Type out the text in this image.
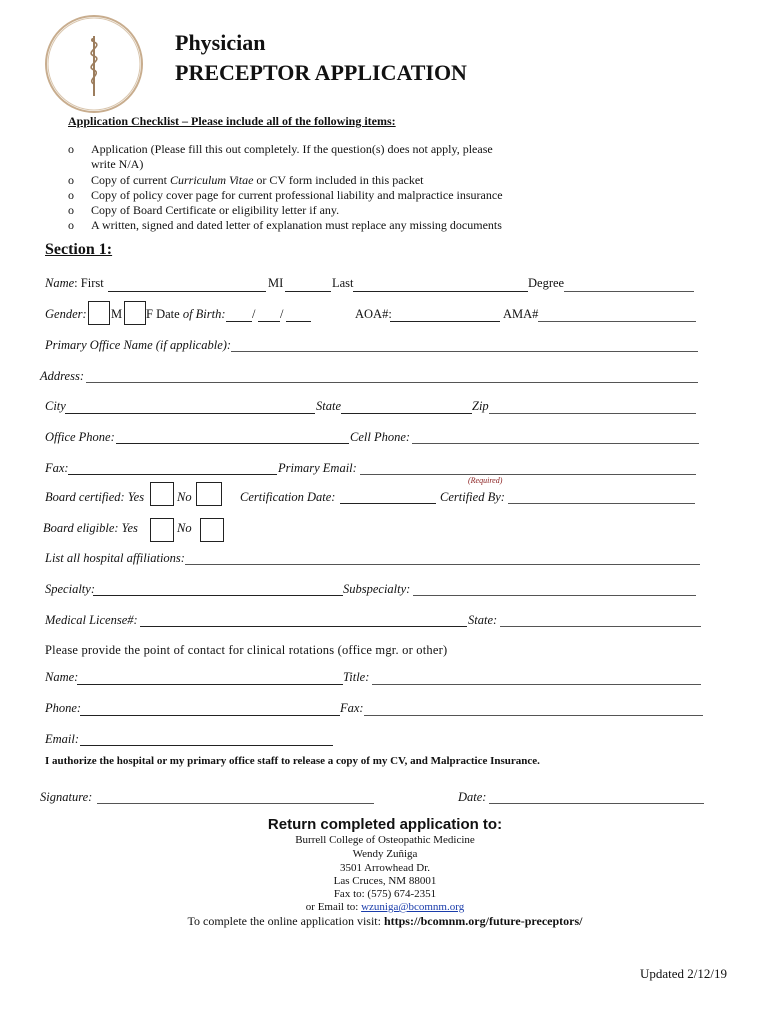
Physician
PRECEPTOR APPLICATION
Application Checklist – Please include all of the following items:
o Application (Please fill this out completely. If the question(s) does not apply, please
write N/A)
o Copy of current Curriculum Vitae or CV form included in this packet
o Copy of policy cover page for current professional liability and malpractice insurance
o Copy of Board Certificate or eligibility letter if any.
o A written, signed and dated letter of explanation must replace any missing documents
Section 1:
Name: First	MI	Last	Degree
Gender: M F Date of Birth: / /	AOA#:	AMA#
Primary Office Name (if applicable):
Address:
City	State	Zip
Office Phone:	Cell Phone:
Fax:	Primary Email:
(Required)
Board certified: Yes	No	Certification Date:	Certified By:
Board eligible: Yes	No
List all hospital affiliations:
Specialty:	Subspecialty:
Medical License#:	State:
Please provide the point of contact for clinical rotations (office mgr. or other)
Name:	Title:
Phone:	Fax:
Email:
I authorize the hospital or my primary office staff to release a copy of my CV, and Malpractice Insurance.
Signature:	Date:
Return completed application to:
Burrell College of Osteopathic Medicine
Wendy Zuñiga
3501 Arrowhead Dr.
Las Cruces, NM 88001
Fax to: (575) 674-2351
or Email to: wzuniga@bcomnm.org
To complete the online application visit: https://bcomnm.org/future-preceptors/
Updated 2/12/19
